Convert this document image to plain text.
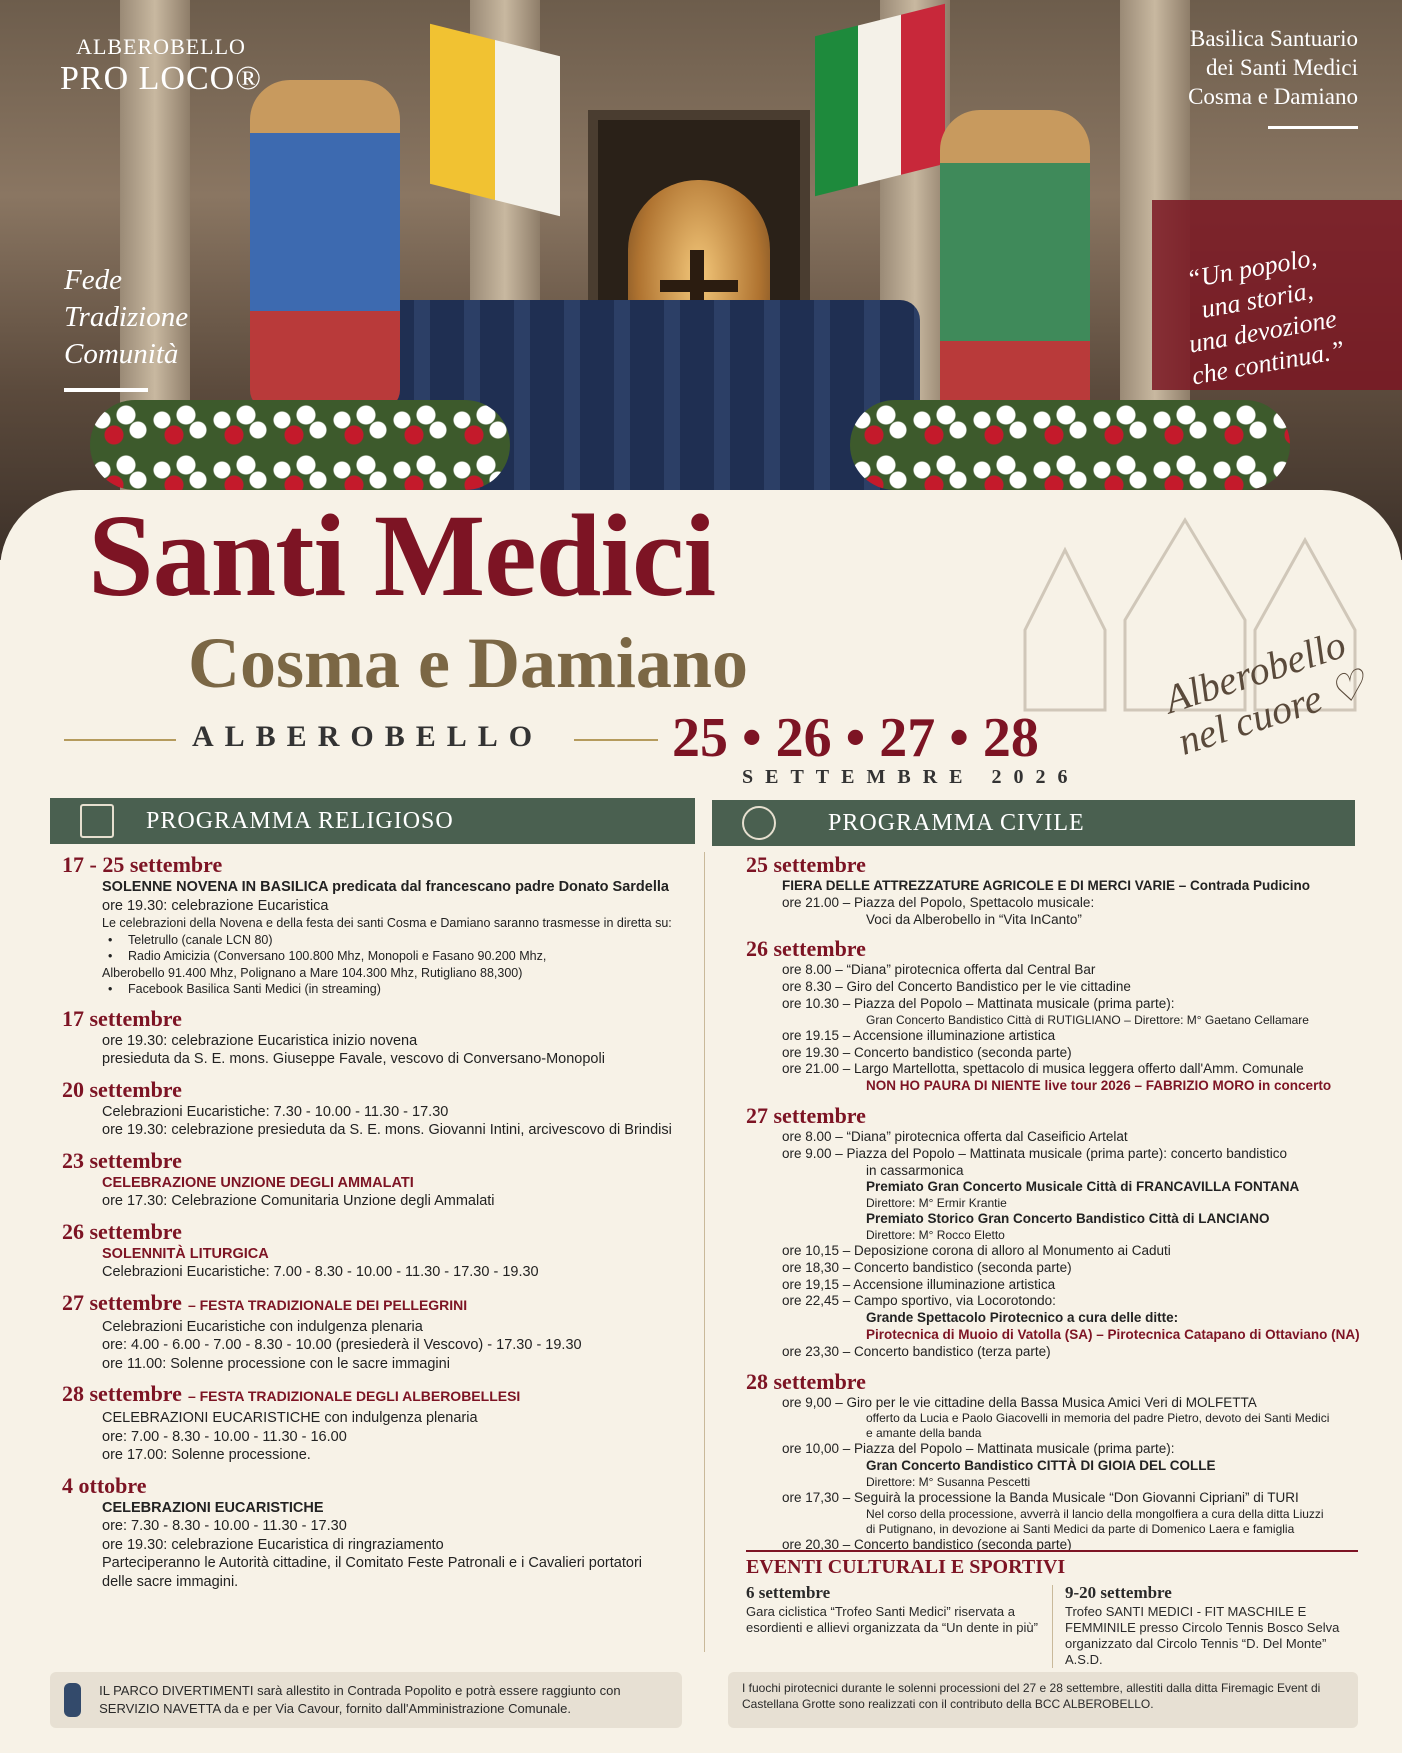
ALBEROBELLO
PRO LOCO®
Basilica Santuario
dei Santi Medici
Cosma e Damiano
Fede
Tradizione
Comunità
“Un popolo,
una storia,
una devozione
che continua.”
Santi Medici
Cosma e Damiano
ALBEROBELLO 25 • 26 • 27 • 28
SETTEMBRE 2026
Alberobello
nel cuore ♡
PROGRAMMA RELIGIOSO	PROGRAMMA CIVILE
17 - 25 settembre
SOLENNE NOVENA IN BASILICA predicata dal francescano padre Donato Sardella
ore 19.30: celebrazione Eucaristica
Le celebrazioni della Novena e della festa dei santi Cosma e Damiano saranno trasmesse in diretta su:
• Teletrullo (canale LCN 80)
• Radio Amicizia (Conversano 100.800 Mhz, Monopoli e Fasano 90.200 Mhz,
Alberobello 91.400 Mhz, Polignano a Mare 104.300 Mhz, Rutigliano 88,300)
• Facebook Basilica Santi Medici (in streaming)
17 settembre
ore 19.30: celebrazione Eucaristica inizio novena
presieduta da S. E. mons. Giuseppe Favale, vescovo di Conversano-Monopoli
20 settembre
Celebrazioni Eucaristiche: 7.30 - 10.00 - 11.30 - 17.30
ore 19.30: celebrazione presieduta da S. E. mons. Giovanni Intini, arcivescovo di Brindisi
23 settembre
CELEBRAZIONE UNZIONE DEGLI AMMALATI
ore 17.30: Celebrazione Comunitaria Unzione degli Ammalati
26 settembre
SOLENNITÀ LITURGICA
Celebrazioni Eucaristiche: 7.00 - 8.30 - 10.00 - 11.30 - 17.30 - 19.30
27 settembre – FESTA TRADIZIONALE DEI PELLEGRINI
Celebrazioni Eucaristiche con indulgenza plenaria
ore: 4.00 - 6.00 - 7.00 - 8.30 - 10.00 (presiederà il Vescovo) - 17.30 - 19.30
ore 11.00: Solenne processione con le sacre immagini
28 settembre – FESTA TRADIZIONALE DEGLI ALBEROBELLESI
CELEBRAZIONI EUCARISTICHE con indulgenza plenaria
ore: 7.00 - 8.30 - 10.00 - 11.30 - 16.00
ore 17.00: Solenne processione.
4 ottobre
CELEBRAZIONI EUCARISTICHE
ore: 7.30 - 8.30 - 10.00 - 11.30 - 17.30
ore 19.30: celebrazione Eucaristica di ringraziamento
Parteciperanno le Autorità cittadine, il Comitato Feste Patronali e i Cavalieri portatori
delle sacre immagini.
25 settembre
FIERA DELLE ATTREZZATURE AGRICOLE E DI MERCI VARIE – Contrada Pudicino
ore 21.00 – Piazza del Popolo, Spettacolo musicale:
Voci da Alberobello in “Vita InCanto”
26 settembre
ore 8.00 – “Diana” pirotecnica offerta dal Central Bar
ore 8.30 – Giro del Concerto Bandistico per le vie cittadine
ore 10.30 – Piazza del Popolo – Mattinata musicale (prima parte):
Gran Concerto Bandistico Città di RUTIGLIANO – Direttore: M° Gaetano Cellamare
ore 19.15 – Accensione illuminazione artistica
ore 19.30 – Concerto bandistico (seconda parte)
ore 21.00 – Largo Martellotta, spettacolo di musica leggera offerto dall'Amm. Comunale
NON HO PAURA DI NIENTE live tour 2026 – FABRIZIO MORO in concerto
27 settembre
ore 8.00 – “Diana” pirotecnica offerta dal Caseificio Artelat
ore 9.00 – Piazza del Popolo – Mattinata musicale (prima parte): concerto bandistico
in cassarmonica
Premiato Gran Concerto Musicale Città di FRANCAVILLA FONTANA
Direttore: M° Ermir Krantie
Premiato Storico Gran Concerto Bandistico Città di LANCIANO
Direttore: M° Rocco Eletto
ore 10,15 – Deposizione corona di alloro al Monumento ai Caduti
ore 18,30 – Concerto bandistico (seconda parte)
ore 19,15 – Accensione illuminazione artistica
ore 22,45 – Campo sportivo, via Locorotondo:
Grande Spettacolo Pirotecnico a cura delle ditte:
Pirotecnica di Muoio di Vatolla (SA) – Pirotecnica Catapano di Ottaviano (NA)
ore 23,30 – Concerto bandistico (terza parte)
28 settembre
ore 9,00 – Giro per le vie cittadine della Bassa Musica Amici Veri di MOLFETTA
offerto da Lucia e Paolo Giacovelli in memoria del padre Pietro, devoto dei Santi Medici
e amante della banda
ore 10,00 – Piazza del Popolo – Mattinata musicale (prima parte):
Gran Concerto Bandistico CITTÀ DI GIOIA DEL COLLE
Direttore: M° Susanna Pescetti
ore 17,30 – Seguirà la processione la Banda Musicale “Don Giovanni Cipriani” di TURI
Nel corso della processione, avverrà il lancio della mongolfiera a cura della ditta Liuzzi
di Putignano, in devozione ai Santi Medici da parte di Domenico Laera e famiglia
ore 20,30 – Concerto bandistico (seconda parte)
EVENTI CULTURALI E SPORTIVI
6 settembre
Gara ciclistica “Trofeo Santi Medici” riservata a esordienti e allievi organizzata da “Un dente in più”
9-20 settembre
Trofeo SANTI MEDICI - FIT MASCHILE E FEMMINILE presso Circolo Tennis Bosco Selva organizzato dal Circolo Tennis “D. Del Monte” A.S.D.
IL PARCO DIVERTIMENTI sarà allestito in Contrada Popolito e potrà essere raggiunto con SERVIZIO NAVETTA da e per Via Cavour, fornito dall'Amministrazione Comunale.
I fuochi pirotecnici durante le solenni processioni del 27 e 28 settembre, allestiti dalla ditta Firemagic Event di Castellana Grotte sono realizzati con il contributo della BCC ALBEROBELLO.
